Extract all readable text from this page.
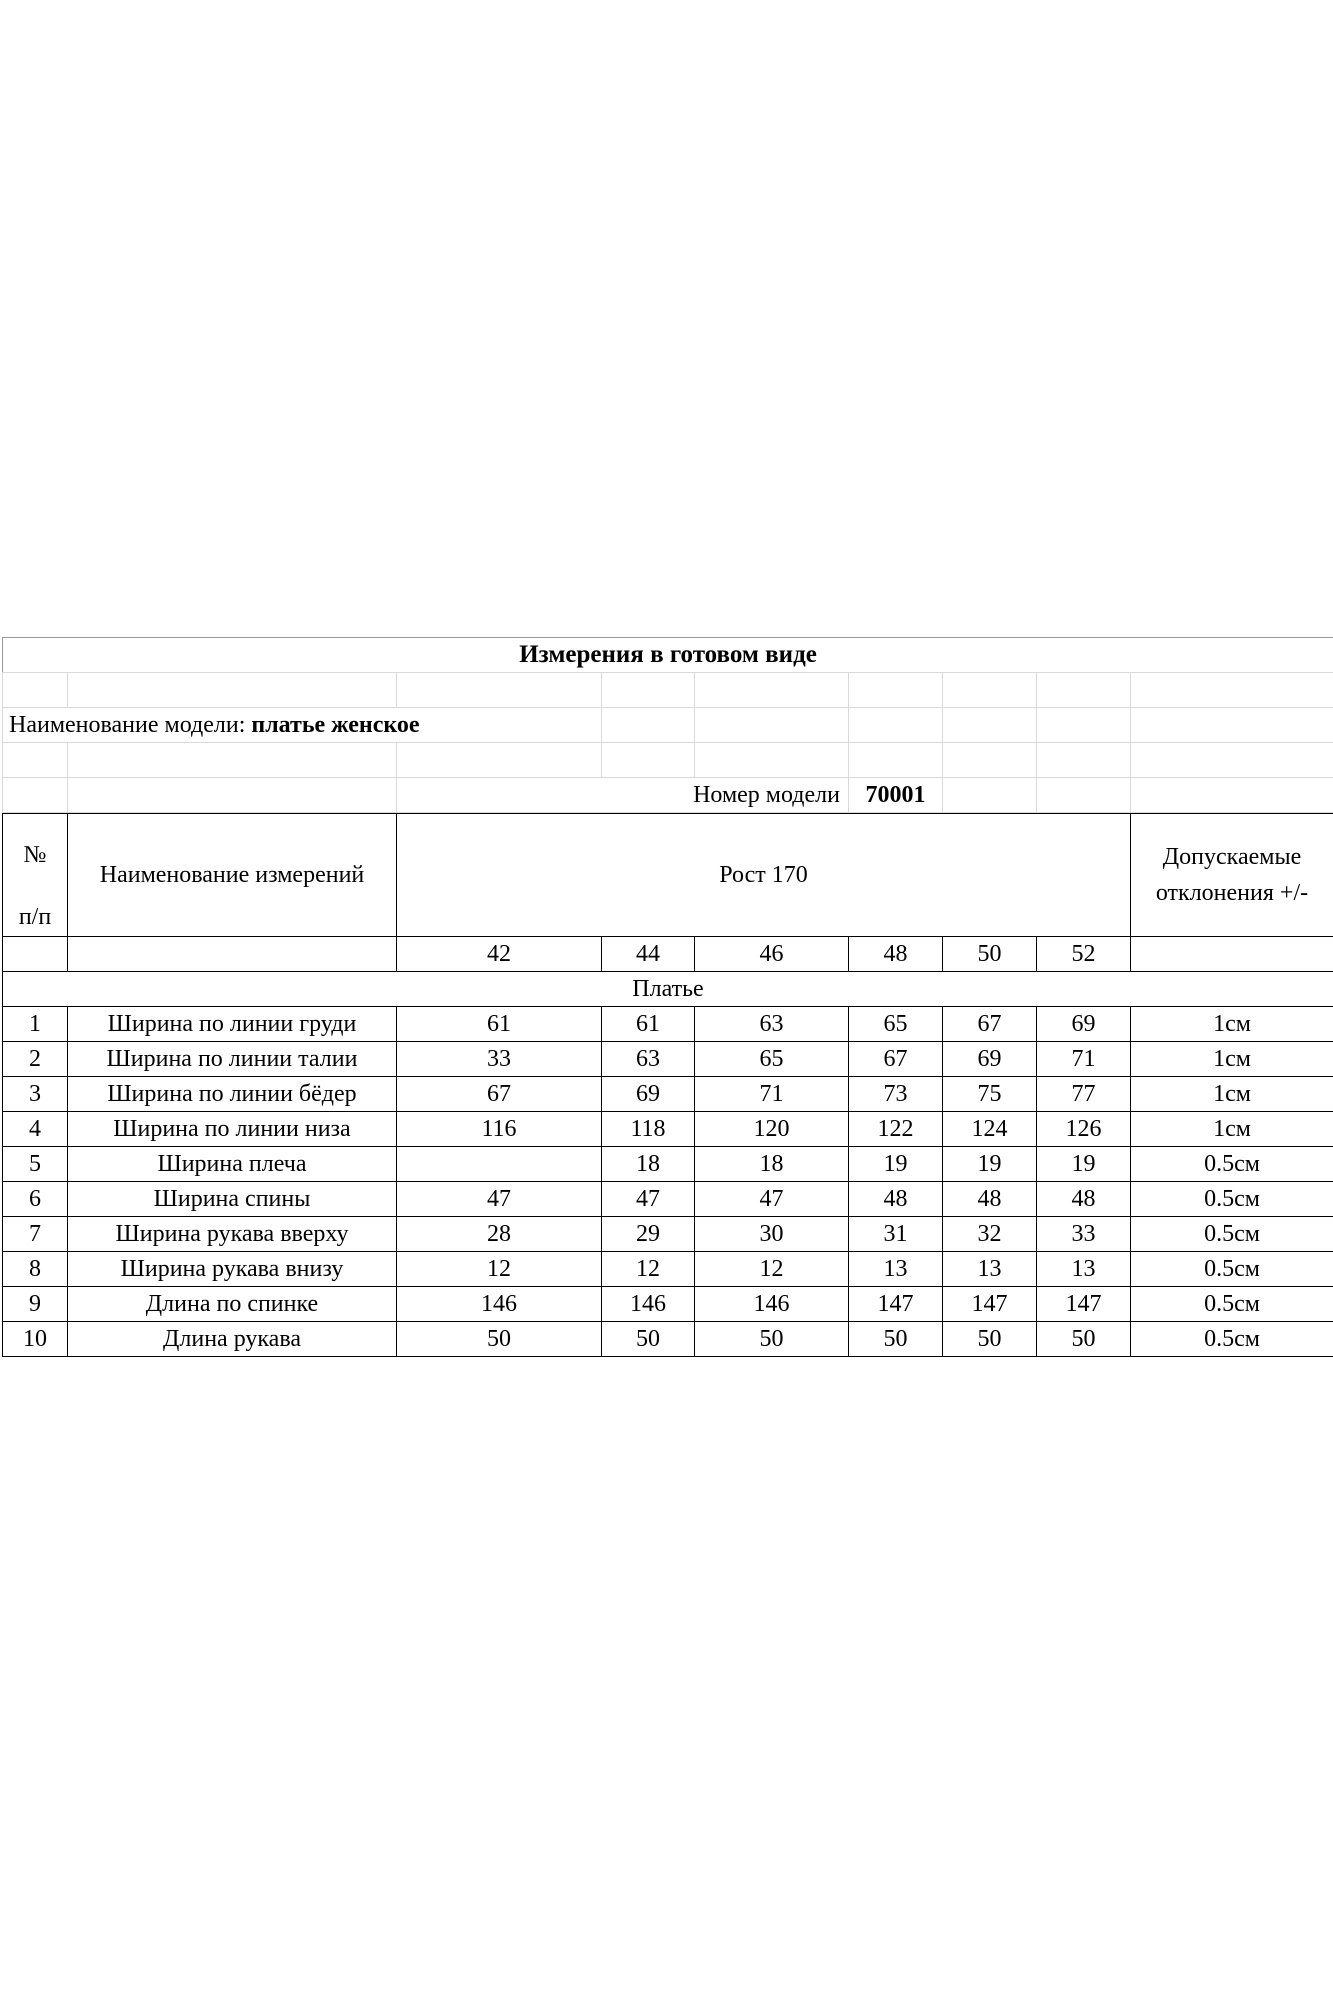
Измерения в готовом виде								

Наименование модели: платье женское								

		Номер модели			70001			
№
п/п	Наименование измерений	Рост 170						Допускаемые отклонения +/-
		42	44	46	48	50	52	
Платье								
1	Ширина по линии груди	61	61	63	65	67	69	1см
2	Ширина по линии талии	33	63	65	67	69	71	1см
3	Ширина по линии бёдер	67	69	71	73	75	77	1см
4	Ширина по линии низа	116	118	120	122	124	126	1см
5	Ширина плеча		18	18	19	19	19	0.5см
6	Ширина спины	47	47	47	48	48	48	0.5см
7	Ширина рукава вверху	28	29	30	31	32	33	0.5см
8	Ширина рукава внизу	12	12	12	13	13	13	0.5см
9	Длина по спинке	146	146	146	147	147	147	0.5см
10	Длина рукава	50	50	50	50	50	50	0.5см
